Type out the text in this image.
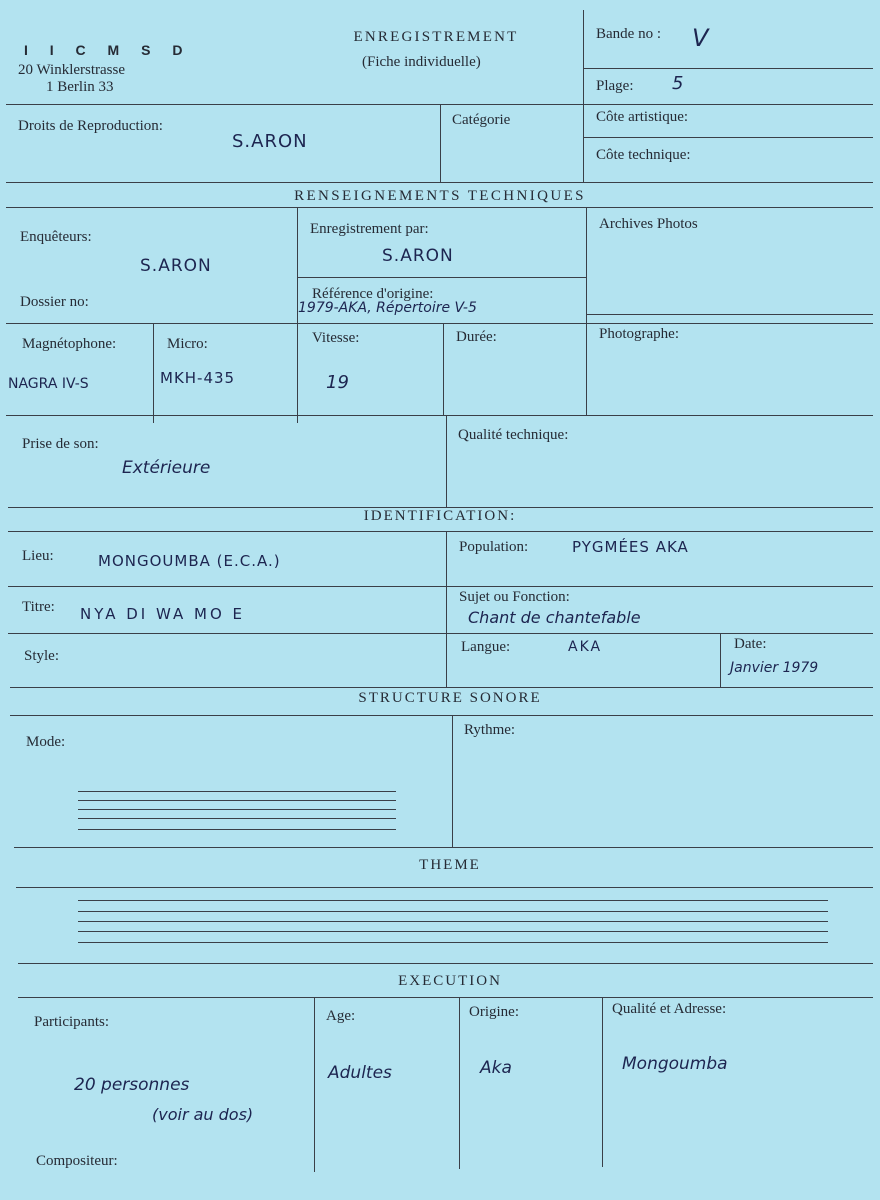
I I C M S D
20 Winklerstrasse
1 Berlin 33
ENREGISTREMENT
(Fiche individuelle)
Bande no : V
Plage: 5
Droits de Reproduction:
S.ARON
Catégorie	Côte artistique:
Côte technique:
RENSEIGNEMENTS TECHNIQUES
Enquêteurs:
S.ARON
Enregistrement par:
S.ARON
Archives Photos
Dossier no:	Référence d'origine:
1979-AKA, Répertoire V-5
Magnétophone:
NAGRA IV-S
Micro:
MKH-435
Vitesse:
19
Durée:	Photographe:
Prise de son:
Extérieure
Qualité technique:
IDENTIFICATION:
Lieu:	MONGOUMBA (E.C.A.)
Population:	PYGMÉES AKA
Titre: NYA DI WA MO E
Sujet ou Fonction:
Chant de chantefable
Style:
Langue:	AKA	Date:
Janvier 1979
STRUCTURE SONORE
Mode:
Rythme:
THEME
EXECUTION
Participants:
20 personnes
(voir au dos)
Compositeur:
Age:
Adultes
Origine:
Aka
Qualité et Adresse:
Mongoumba
